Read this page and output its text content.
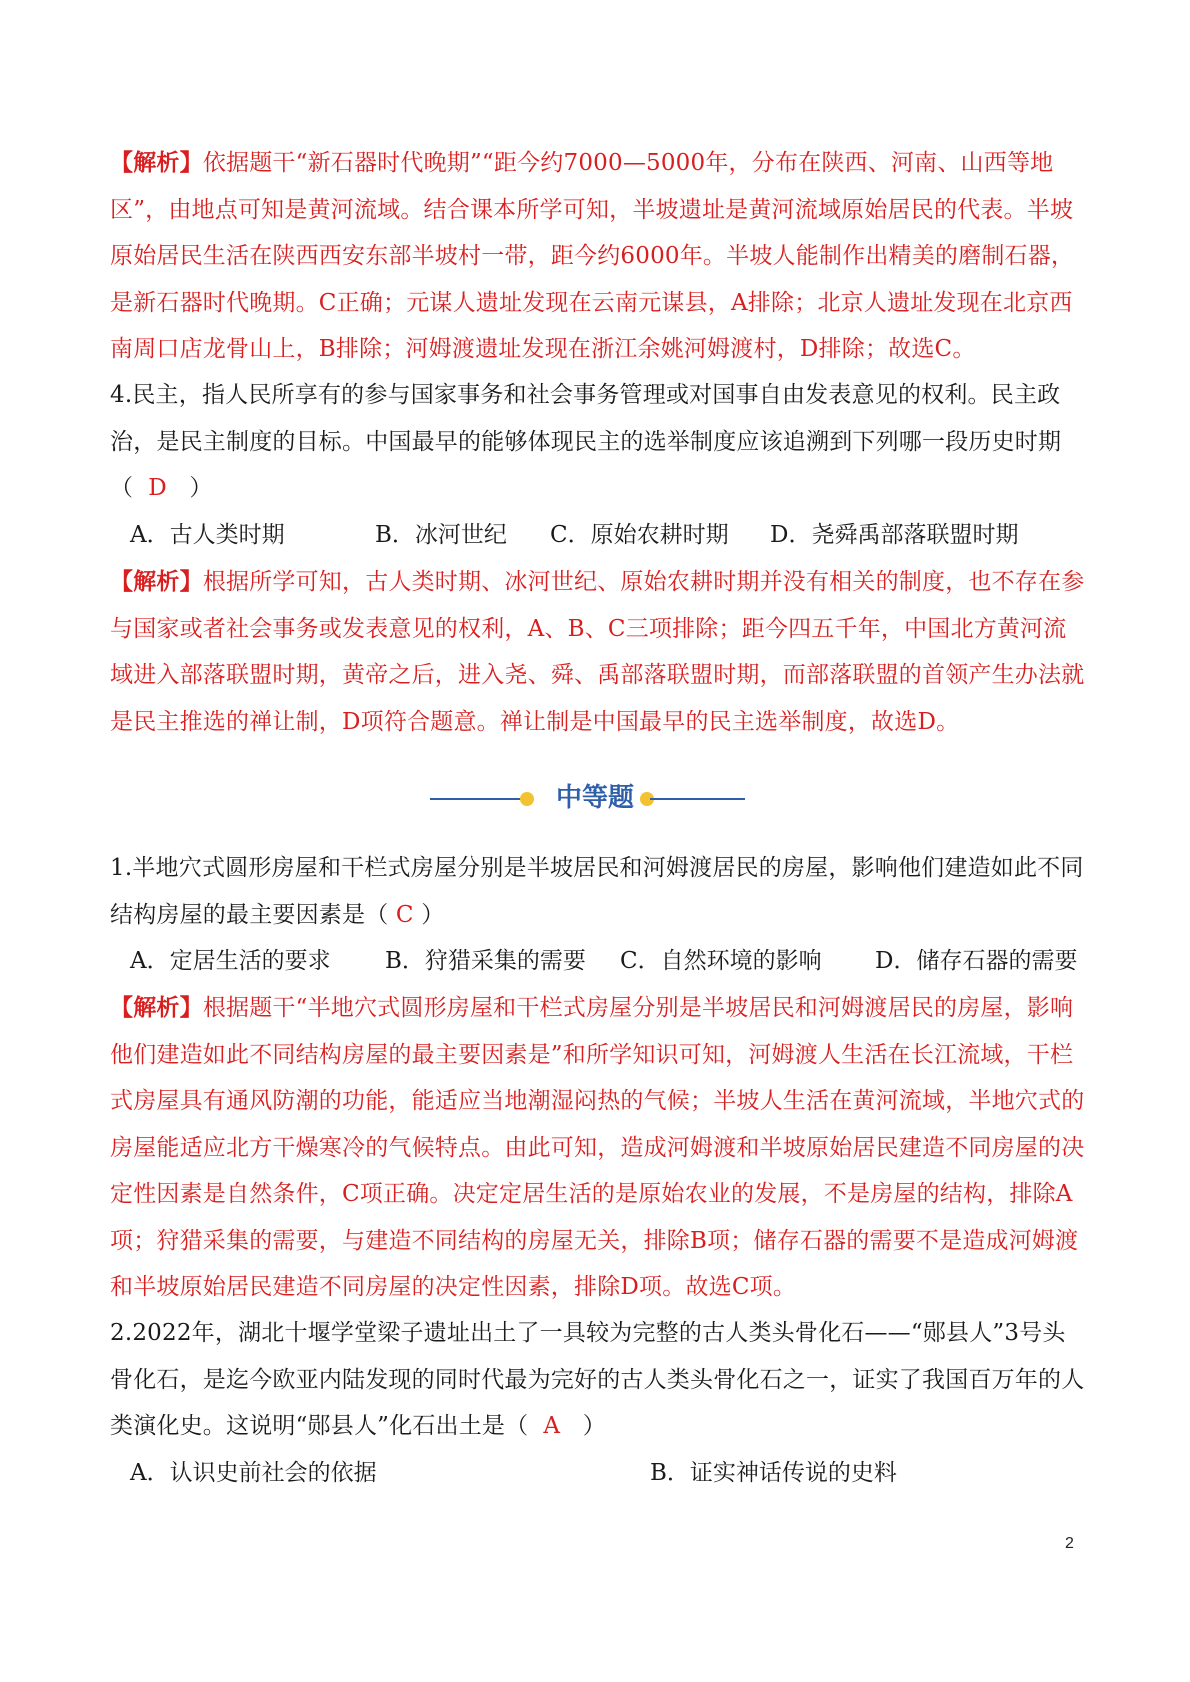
【解析】依据题干“新石器时代晚期”“距今约7000—5000年，分布在陕西、河南、山西等地区”，由地点可知是黄河流域。结合课本所学可知，半坡遗址是黄河流域原始居民的代表。半坡原始居民生活在陕西西安东部半坡村一带，距今约6000年。半坡人能制作出精美的磨制石器，是新石器时代晚期。C正确；元谋人遗址发现在云南元谋县，A排除；北京人遗址发现在北京西南周口店龙骨山上，B排除；河姆渡遗址发现在浙江余姚河姆渡村，D排除；故选C。
4.民主，指人民所享有的参与国家事务和社会事务管理或对国事自由发表意见的权利。民主政治，是民主制度的目标。中国最早的能够体现民主的选举制度应该追溯到下列哪一段历史时期
（ D ）
A．古人类时期	B．冰河世纪 C．原始农耕时期 D．尧舜禹部落联盟时期
【解析】根据所学可知，古人类时期、冰河世纪、原始农耕时期并没有相关的制度，也不存在参与国家或者社会事务或发表意见的权利，A、B、C三项排除；距今四五千年，中国北方黄河流域进入部落联盟时期，黄帝之后，进入尧、舜、禹部落联盟时期，而部落联盟的首领产生办法就是民主推选的禅让制，D项符合题意。禅让制是中国最早的民主选举制度，故选D。
中等题
1.半地穴式圆形房屋和干栏式房屋分别是半坡居民和河姆渡居民的房屋，影响他们建造如此不同结构房屋的最主要因素是（ C ）
A．定居生活的要求 B．狩猎采集的需要 C．自然环境的影响 D．储存石器的需要
【解析】根据题干“半地穴式圆形房屋和干栏式房屋分别是半坡居民和河姆渡居民的房屋，影响他们建造如此不同结构房屋的最主要因素是”和所学知识可知，河姆渡人生活在长江流域，干栏式房屋具有通风防潮的功能，能适应当地潮湿闷热的气候；半坡人生活在黄河流域，半地穴式的房屋能适应北方干燥寒冷的气候特点。由此可知，造成河姆渡和半坡原始居民建造不同房屋的决定性因素是自然条件，C项正确。决定定居生活的是原始农业的发展，不是房屋的结构，排除A项；狩猎采集的需要，与建造不同结构的房屋无关，排除B项；储存石器的需要不是造成河姆渡和半坡原始居民建造不同房屋的决定性因素，排除D项。故选C项。
2.2022年，湖北十堰学堂梁子遗址出土了一具较为完整的古人类头骨化石——“郧县人”3号头骨化石，是迄今欧亚内陆发现的同时代最为完好的古人类头骨化石之一，证实了我国百万年的人类演化史。这说明“郧县人”化石出土是（ A ）
A．认识史前社会的依据	B．证实神话传说的史料
2
